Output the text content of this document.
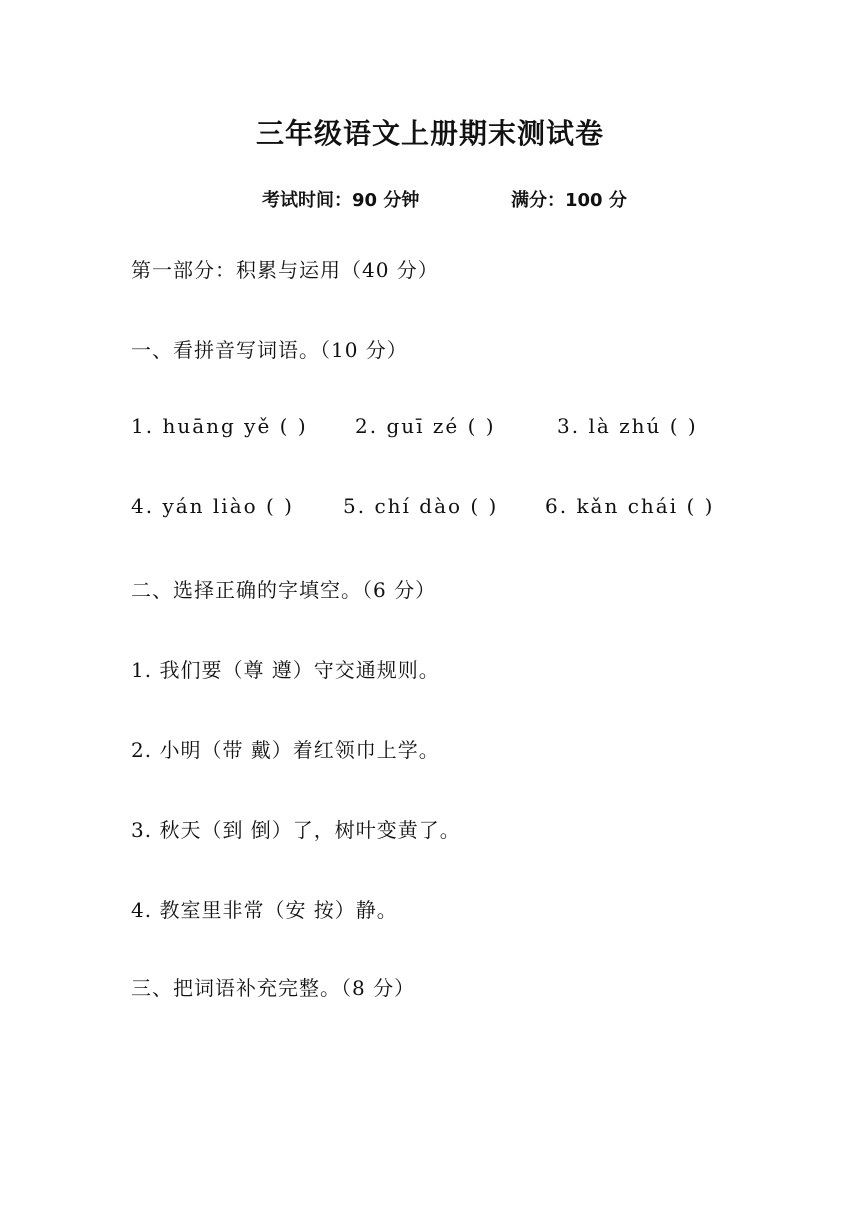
三年级语文上册期末测试卷
考试时间：90 分钟	满分：100 分
第一部分：积累与运用（40 分）
一、看拼音写词语。（10 分）
1. huāng yě ( ) 2. guī zé ( )	3. là zhú ( )
4. yán liào ( ) 5. chí dào ( ) 6. kǎn chái ( )
二、选择正确的字填空。（6 分）
1. 我们要（尊 遵）守交通规则。
2. 小明（带 戴）着红领巾上学。
3. 秋天（到 倒）了，树叶变黄了。
4. 教室里非常（安 按）静。
三、把词语补充完整。（8 分）
